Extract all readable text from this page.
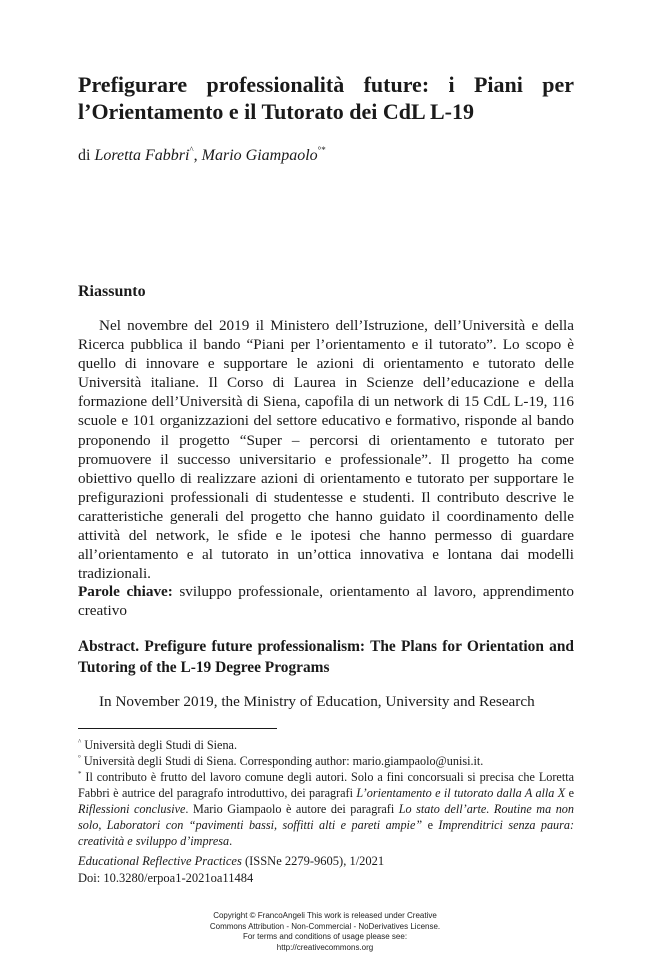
Prefigurare professionalità future: i Piani per
l’Orientamento e il Tutorato dei CdL L-19

di Loretta Fabbri^, Mario Giampaolo°*

Riassunto

Nel novembre del 2019 il Ministero dell’Istruzione, dell’Università e della Ricerca pubblica il bando “Piani per l’orientamento e il tutorato”. Lo scopo è quello di innovare e supportare le azioni di orientamento e tutorato delle Università italiane. Il Corso di Laurea in Scienze dell’educazione e della formazione dell’Università di Siena, capofila di un network di 15 CdL L-19, 116 scuole e 101 organizzazioni del settore educativo e formativo, risponde al bando proponendo il progetto “Super – percorsi di orientamento e tutorato per promuovere il successo universitario e professionale”. Il progetto ha come obiettivo quello di realizzare azioni di orientamento e tutorato per supportare le prefigurazioni professionali di studentesse e studenti. Il contributo descrive le caratteristiche generali del progetto che hanno guidato il coordinamento delle attività del network, le sfide e le ipotesi che hanno permesso di guardare all’orientamento e al tutorato in un’ottica innovativa e lontana dai modelli tradizionali.

Parole chiave: sviluppo professionale, orientamento al lavoro, apprendimento creativo

Abstract. Prefigure future professionalism: The Plans for Orientation and Tutoring of the L-19 Degree Programs

In November 2019, the Ministry of Education, University and Research

^ Università degli Studi di Siena.

° Università degli Studi di Siena. Corresponding author: mario.giampaolo@unisi.it.

* Il contributo è frutto del lavoro comune degli autori. Solo a fini concorsuali si precisa che Loretta Fabbri è autrice del paragrafo introduttivo, dei paragrafi L’orientamento e il tutorato dalla A alla X e Riflessioni conclusive. Mario Giampaolo è autore dei paragrafi Lo stato dell’arte. Routine ma non solo, Laboratori con “pavimenti bassi, soffitti alti e pareti ampie” e Imprenditrici senza paura: creatività e sviluppo d’impresa.

Educational Reflective Practices (ISSNe 2279-9605), 1/2021
Doi: 10.3280/erpoa1-2021oa11484
Copyright © FrancoAngeli This work is released under Creative
Commons Attribution - Non-Commercial - NoDerivatives License.
For terms and conditions of usage please see:
http://creativecommons.org
